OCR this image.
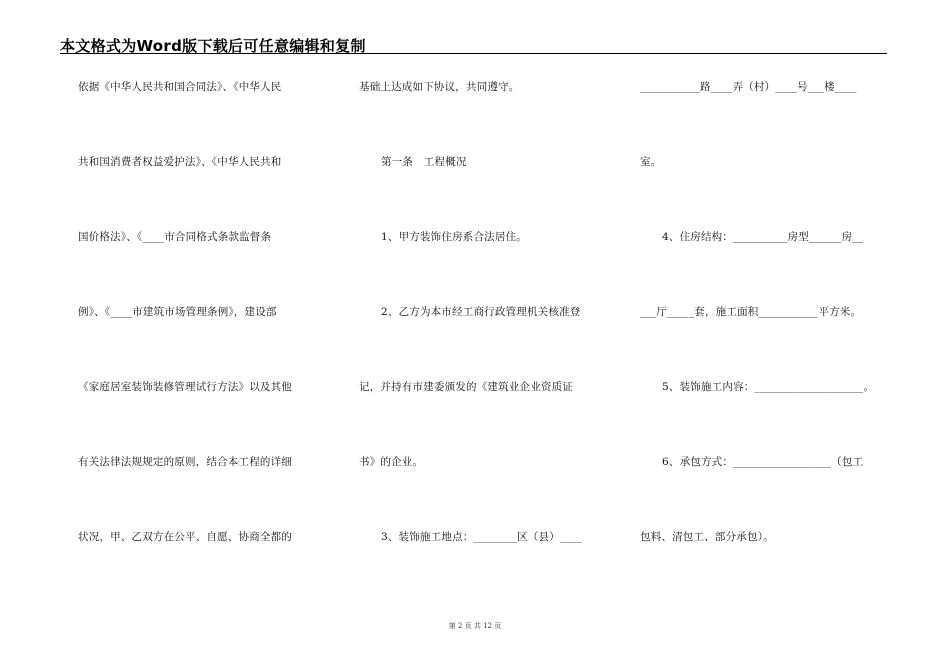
本文格式为Word版下载后可任意编辑和复制
依据《中华人民共和国合同法》、《中华人民
共和国消费者权益爱护法》、《中华人民共和
国价格法》、《____市合同格式条款监督条
例》、《____市建筑市场管理条例》，建设部
《家庭居室装饰装修管理试行方法》以及其他
有关法律法规规定的原则，结合本工程的详细
状况，甲、乙双方在公平、自愿、协商全都的
基础上达成如下协议，共同遵守。
第一条　工程概况
1、甲方装饰住房系合法居住。
2、乙方为本市经工商行政管理机关核准登
记，并持有市建委颁发的《建筑业企业资质证
书》的企业。
3、装饰施工地点：________区（县）____
___________路____弄（村）____号___楼____
室。
4、住房结构：__________房型______房__
___厅_____套，施工面积___________平方米。
5、装饰施工内容：____________________。
6、承包方式：__________________（包工
包料、清包工、部分承包）。
第 2 页 共 12 页
